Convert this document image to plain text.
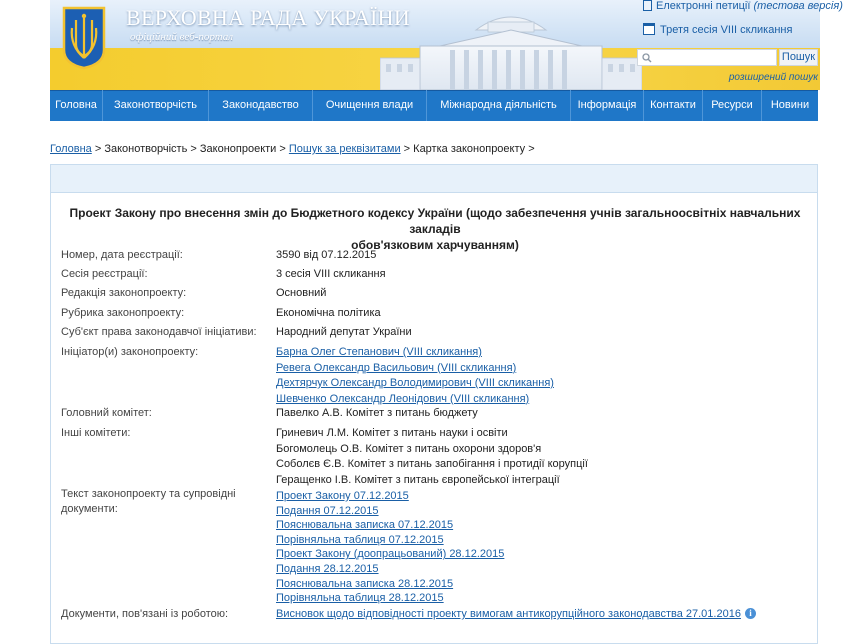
ВЕРХОВНА РАДА УКРАЇНИ
офіційний веб-портал
Електронні петиції (тестова версія)
Третя сесія VIII скликання
Пошук
розширений пошук
Головна	Законотворчість	Законодавство	Очищення влади	Міжнародна діяльність	Інформація	Контакти	Ресурси	Новини
Головна > Законотворчість > Законопроекти > Пошук за реквізитами > Картка законопроекту >
Проект Закону про внесення змін до Бюджетного кодексу України (щодо забезпечення учнів загальноосвітніх навчальних закладів
обов'язковим харчуванням)
Номер, дата реєстрації:	3590 від 07.12.2015
Сесія реєстрації:	3 сесія VIII скликання
Редакція законопроекту:	Основний
Рубрика законопроекту:	Економічна політика
Суб'єкт права законодавчої ініціативи:	Народний депутат України
Ініціатор(и) законопроекту:	Барна Олег Степанович (VIII скликання)
Ревега Олександр Васильович (VIII скликання)
Дехтярчук Олександр Володимирович (VIII скликання)
Шевченко Олександр Леонідович (VIII скликання)
Головний комітет:	Павелко А.В. Комітет з питань бюджету
Інші комітети:	Гриневич Л.М. Комітет з питань науки і освіти
Богомолець О.В. Комітет з питань охорони здоров'я
Соболєв Є.В. Комітет з питань запобігання і протидії корупції
Геращенко І.В. Комітет з питань європейської інтеграції
Текст законопроекту та супровідні
документи:
Проект Закону 07.12.2015
Подання 07.12.2015
Пояснювальна записка 07.12.2015
Порівняльна таблиця 07.12.2015
Проект Закону (доопрацьований) 28.12.2015
Подання 28.12.2015
Пояснювальна записка 28.12.2015
Порівняльна таблиця 28.12.2015
Документи, пов'язані із роботою:	Висновок щодо відповідності проекту вимогам антикорупційного законодавства 27.01.2016 i
